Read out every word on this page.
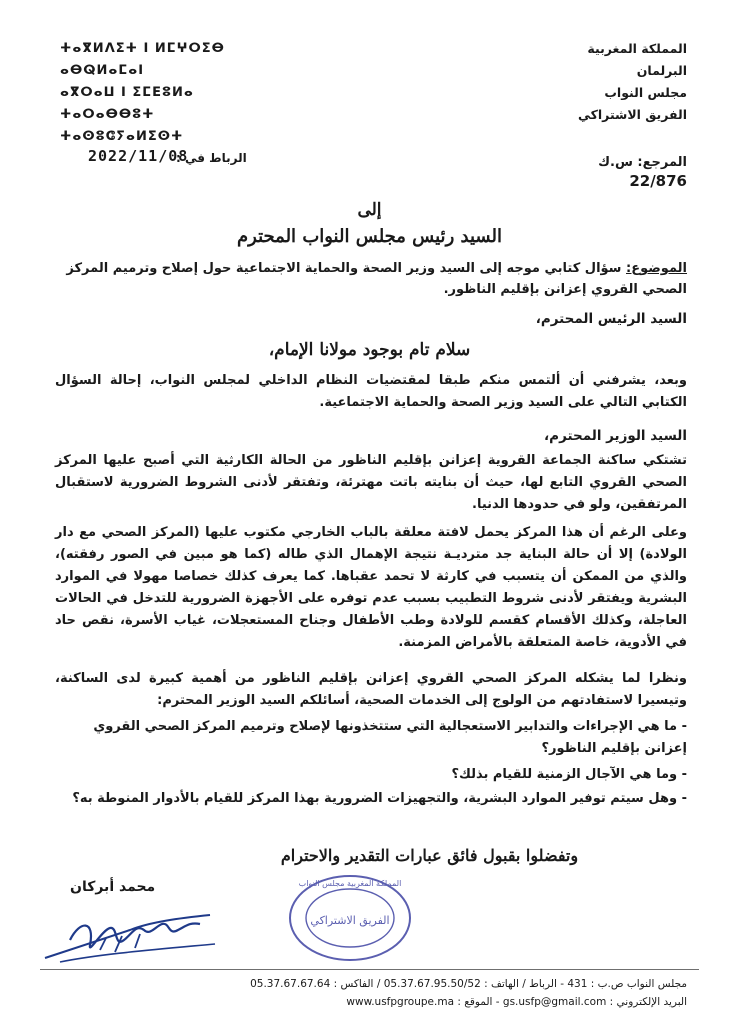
المملكة المغربية
البرلمان
مجلس النواب
الفريق الاشتراكي
ⵜⴰⴳⵍⴷⵉⵜ ⵏ ⵍⵎⵖⵔⵉⴱ
ⴰⴱⵕⵍⴰⵎⴰⵏ
ⴰⴳⵔⴰⵡ ⵏ ⵉⵎⴹⵓⵍⴰ
ⵜⴰⵔⴰⴱⴱⵓⵜ ⵜⴰⵙⵓⵛⵢⴰⵍⵉⵙⵜ
المرجع: س.ك
22/876
الرباط في :
2022/11/08
إلى
السيد رئيس مجلس النواب المحترم
الموضوع: سؤال كتابي موجه إلى السيد وزير الصحة والحماية الاجتماعية حول إصلاح وترميم المركز الصحي القروي إعزانن بإقليم الناظور.
السيد الرئيس المحترم،
سلام تام بوجود مولانا الإمام،
وبعد، يشرفني أن ألتمس منكم طبقا لمقتضيات النظام الداخلي لمجلس النواب، إحالة السؤال الكتابي التالي على السيد وزير الصحة والحماية الاجتماعية.
السيد الوزير المحترم،
تشتكي ساكنة الجماعة القروية إعزانن بإقليم الناظور من الحالة الكارثية التي أصبح عليها المركز الصحي القروي التابع لها، حيث أن بنايته باتت مهترئة، وتفتقر لأدنى الشروط الضرورية لاستقبال المرتفقين، ولو في حدودها الدنيا.
وعلى الرغم أن هذا المركز يحمل لافتة معلقة بالباب الخارجي مكتوب عليها (المركز الصحي مع دار الولادة) إلا أن حالة البناية جد مترديـة نتيجة الإهمال الذي طاله (كما هو مبين في الصور رفقته)، والذي من الممكن أن يتسبب في كارثة لا تحمد عقباها. كما يعرف كذلك خصاصا مهولا في الموارد البشرية ويفتقر لأدنى شروط التطبيب بسبب عدم توفره على الأجهزة الضرورية للتدخل في الحالات العاجلة، وكذلك الأقسام كقسم للولادة وطب الأطفال وجناح المستعجلات، غياب الأسرة، نقص حاد في الأدوية، خاصة المتعلقة بالأمراض المزمنة.
ونظرا لما يشكله المركز الصحي القروي إعزانن بإقليم الناظور من أهمية كبيرة لدى الساكنة، وتيسيرا لاستفادتهم من الولوج إلى الخدمات الصحية، أسائلكم السيد الوزير المحترم:
- ما هي الإجراءات والتدابير الاستعجالية التي ستتخذونها لإصلاح وترميم المركز الصحي القروي إعزانن بإقليم الناظور؟
- وما هي الآجال الزمنية للقيام بذلك؟
- وهل سيتم توفير الموارد البشرية، والتجهيزات الضرورية بهذا المركز للقيام بالأدوار المنوطة به؟
وتفضلوا بقبول فائق عبارات التقدير والاحترام
محمد أبركان
الفريق الاشتراكي
المملكة المغربية مجلس النواب
مجلس النواب ص.ب : 431 - الرباط / الهاتف : 05.37.67.95.50/52 / الفاكس : 05.37.67.67.64
البريد الإلكتروني : gs.usfp@gmail.com - الموقع : www.usfpgroupe.ma
